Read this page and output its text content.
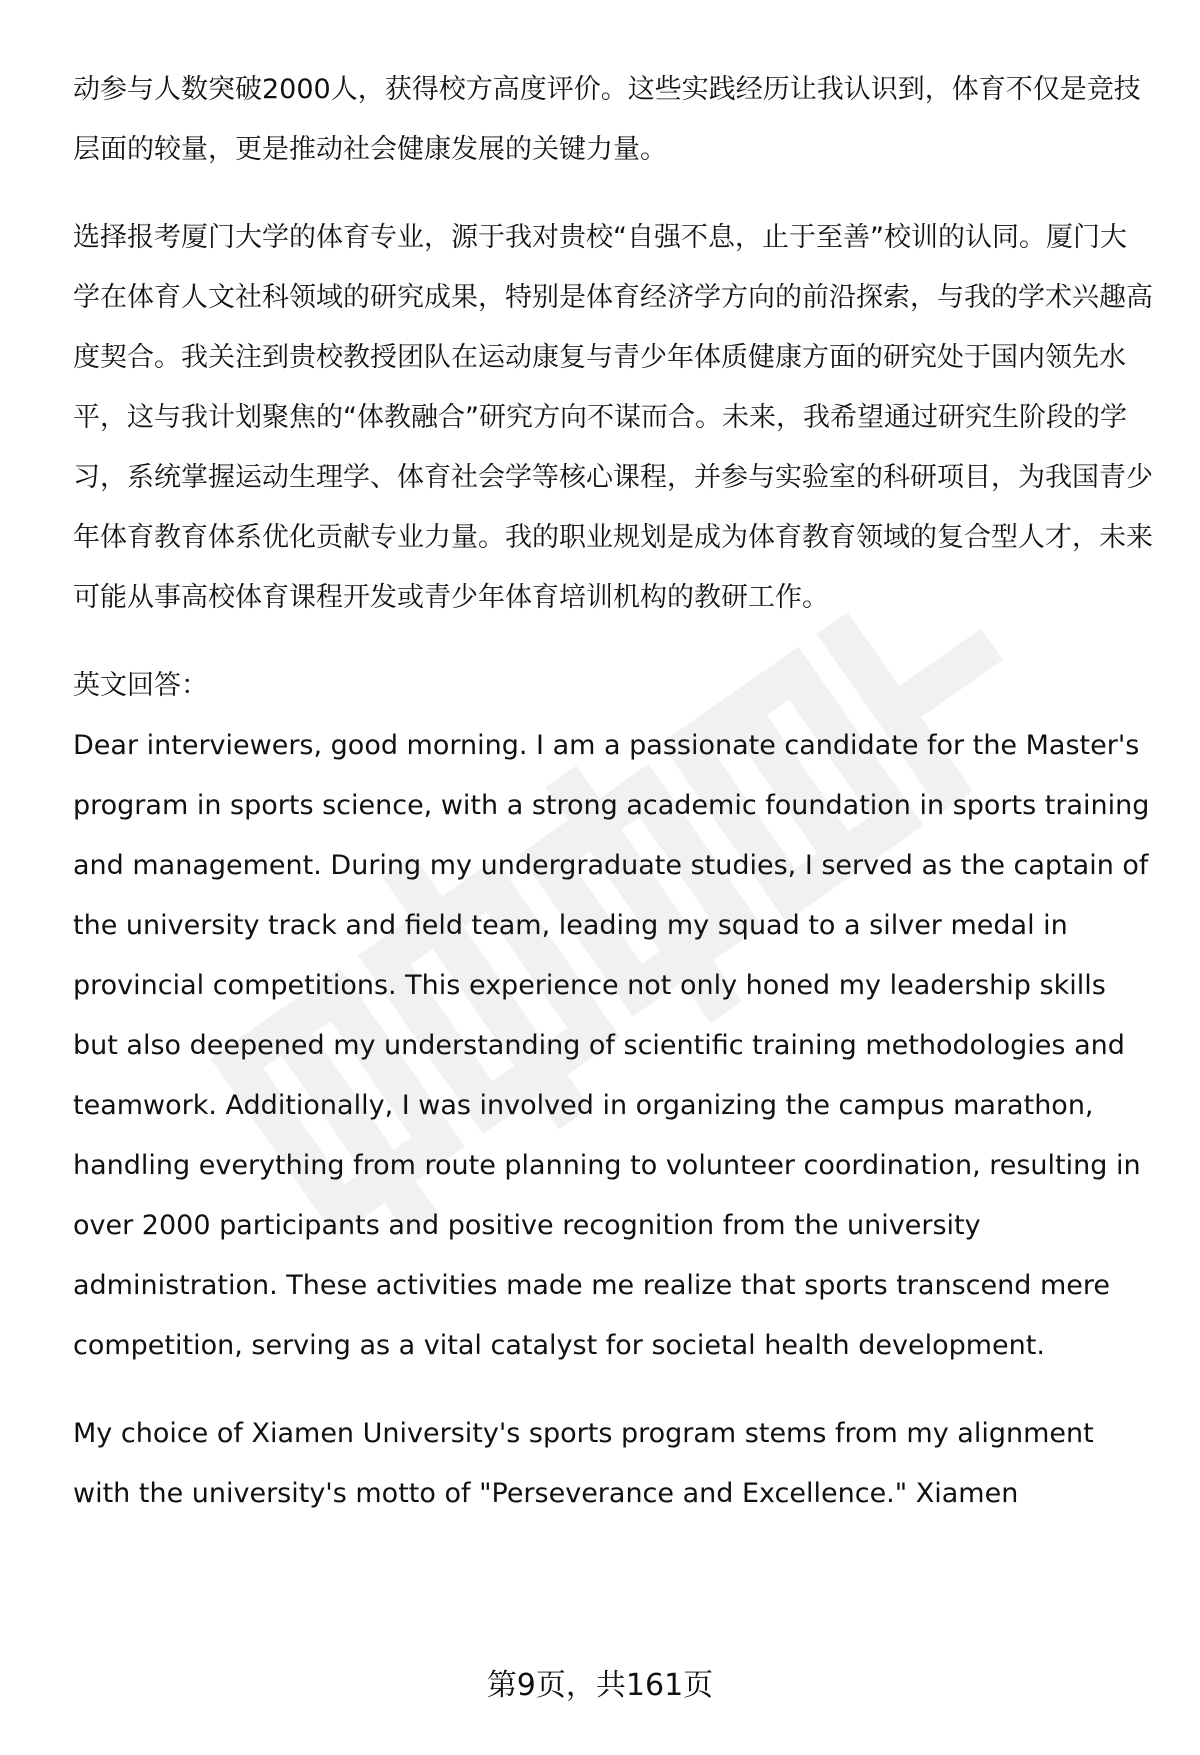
动参与人数突破2000人，获得校方高度评价。这些实践经历让我认识到，体育不仅是竞技层面的较量，更是推动社会健康发展的关键力量。

选择报考厦门大学的体育专业，源于我对贵校“自强不息，止于至善”校训的认同。厦门大学在体育人文社科领域的研究成果，特别是体育经济学方向的前沿探索，与我的学术兴趣高度契合。我关注到贵校教授团队在运动康复与青少年体质健康方面的研究处于国内领先水平，这与我计划聚焦的“体教融合”研究方向不谋而合。未来，我希望通过研究生阶段的学习，系统掌握运动生理学、体育社会学等核心课程，并参与实验室的科研项目，为我国青少年体育教育体系优化贡献专业力量。我的职业规划是成为体育教育领域的复合型人才，未来可能从事高校体育课程开发或青少年体育培训机构的教研工作。

英文回答：

Dear interviewers, good morning. I am a passionate candidate for the Master's program in sports science, with a strong academic foundation in sports training and management. During my undergraduate studies, I served as the captain of the university track and field team, leading my squad to a silver medal in provincial competitions. This experience not only honed my leadership skills but also deepened my understanding of scientific training methodologies and teamwork. Additionally, I was involved in organizing the campus marathon, handling everything from route planning to volunteer coordination, resulting in over 2000 participants and positive recognition from the university administration. These activities made me realize that sports transcend mere competition, serving as a vital catalyst for societal health development.

My choice of Xiamen University's sports program stems from my alignment with the university's motto of "Perseverance and Excellence." Xiamen

第9页，共161页
